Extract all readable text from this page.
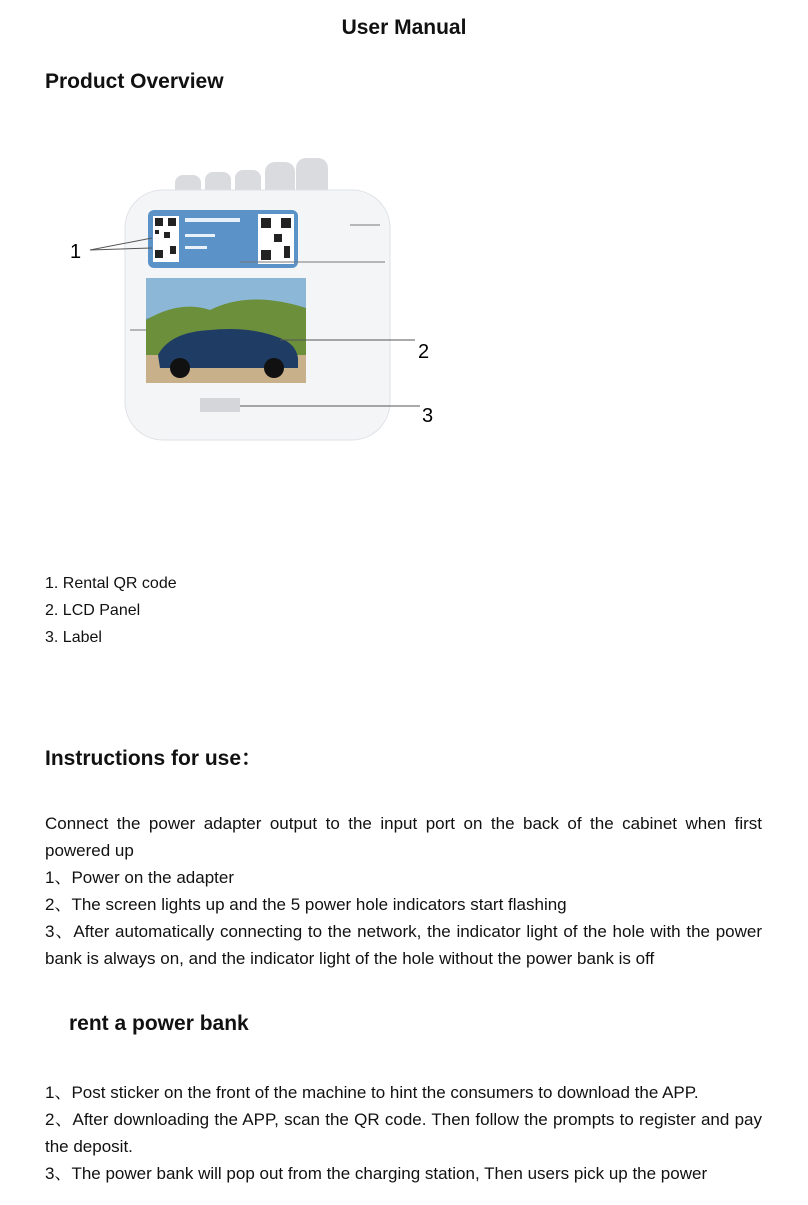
User Manual
Product Overview
1
2
3
1. Rental QR code
2. LCD Panel
3. Label
Instructions for use：

Connect the power adapter output to the input port on the back of the cabinet when first powered up

1、Power on the adapter

2、The screen lights up and the 5 power hole indicators start flashing

3、After automatically connecting to the network, the indicator light of the hole with the power bank is always on, and the indicator light of the hole without the power bank is off

rent a power bank

1、Post sticker on the front of the machine to hint the consumers to download the APP.

2、After downloading the APP, scan the QR code. Then follow the prompts to register and pay the deposit.

3、The power bank will pop out from the charging station, Then users pick up the power
